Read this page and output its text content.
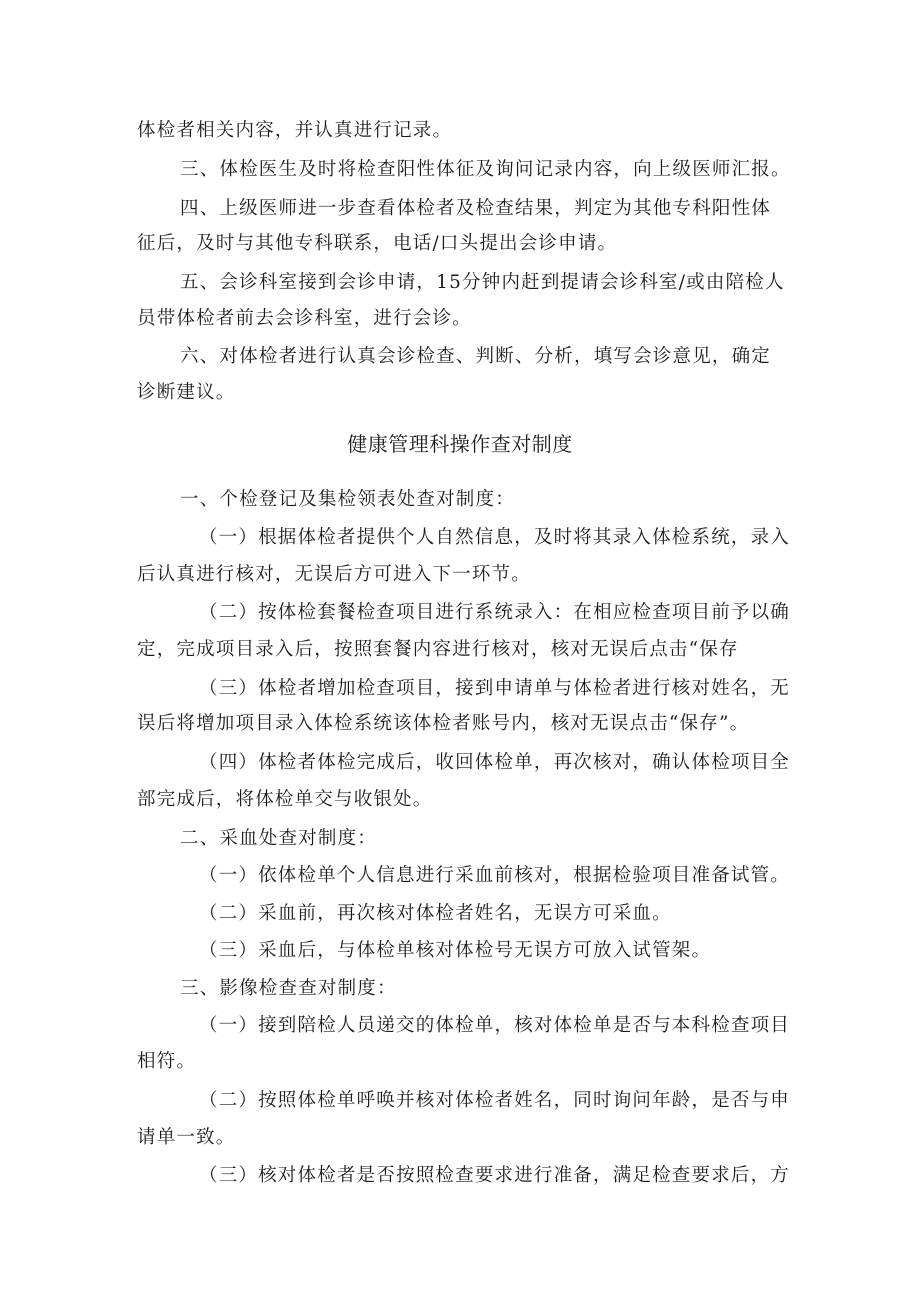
体检者相关内容，并认真进行记录。
三、体检医生及时将检查阳性体征及询问记录内容，向上级医师汇报。
四、上级医师进一步查看体检者及检查结果，判定为其他专科阳性体
征后，及时与其他专科联系，电话/口头提出会诊申请。
五、会诊科室接到会诊申请，15分钟内赶到提请会诊科室/或由陪检人
员带体检者前去会诊科室，进行会诊。
六、对体检者进行认真会诊检查、判断、分析，填写会诊意见，确定
诊断建议。
健康管理科操作查对制度
一、个检登记及集检领表处查对制度：
（一）根据体检者提供个人自然信息，及时将其录入体检系统，录入
后认真进行核对，无误后方可进入下一环节。
（二）按体检套餐检查项目进行系统录入：在相应检查项目前予以确
定，完成项目录入后，按照套餐内容进行核对，核对无误后点击“保存
（三）体检者增加检查项目，接到申请单与体检者进行核对姓名，无
误后将增加项目录入体检系统该体检者账号内，核对无误点击“保存”。
（四）体检者体检完成后，收回体检单，再次核对，确认体检项目全
部完成后，将体检单交与收银处。
二、采血处查对制度：
（一）依体检单个人信息进行采血前核对，根据检验项目准备试管。
（二）采血前，再次核对体检者姓名，无误方可采血。
（三）采血后，与体检单核对体检号无误方可放入试管架。
三、影像检查查对制度：
（一）接到陪检人员递交的体检单，核对体检单是否与本科检查项目
相符。
（二）按照体检单呼唤并核对体检者姓名，同时询问年龄，是否与申
请单一致。
（三）核对体检者是否按照检查要求进行准备，满足检查要求后，方
